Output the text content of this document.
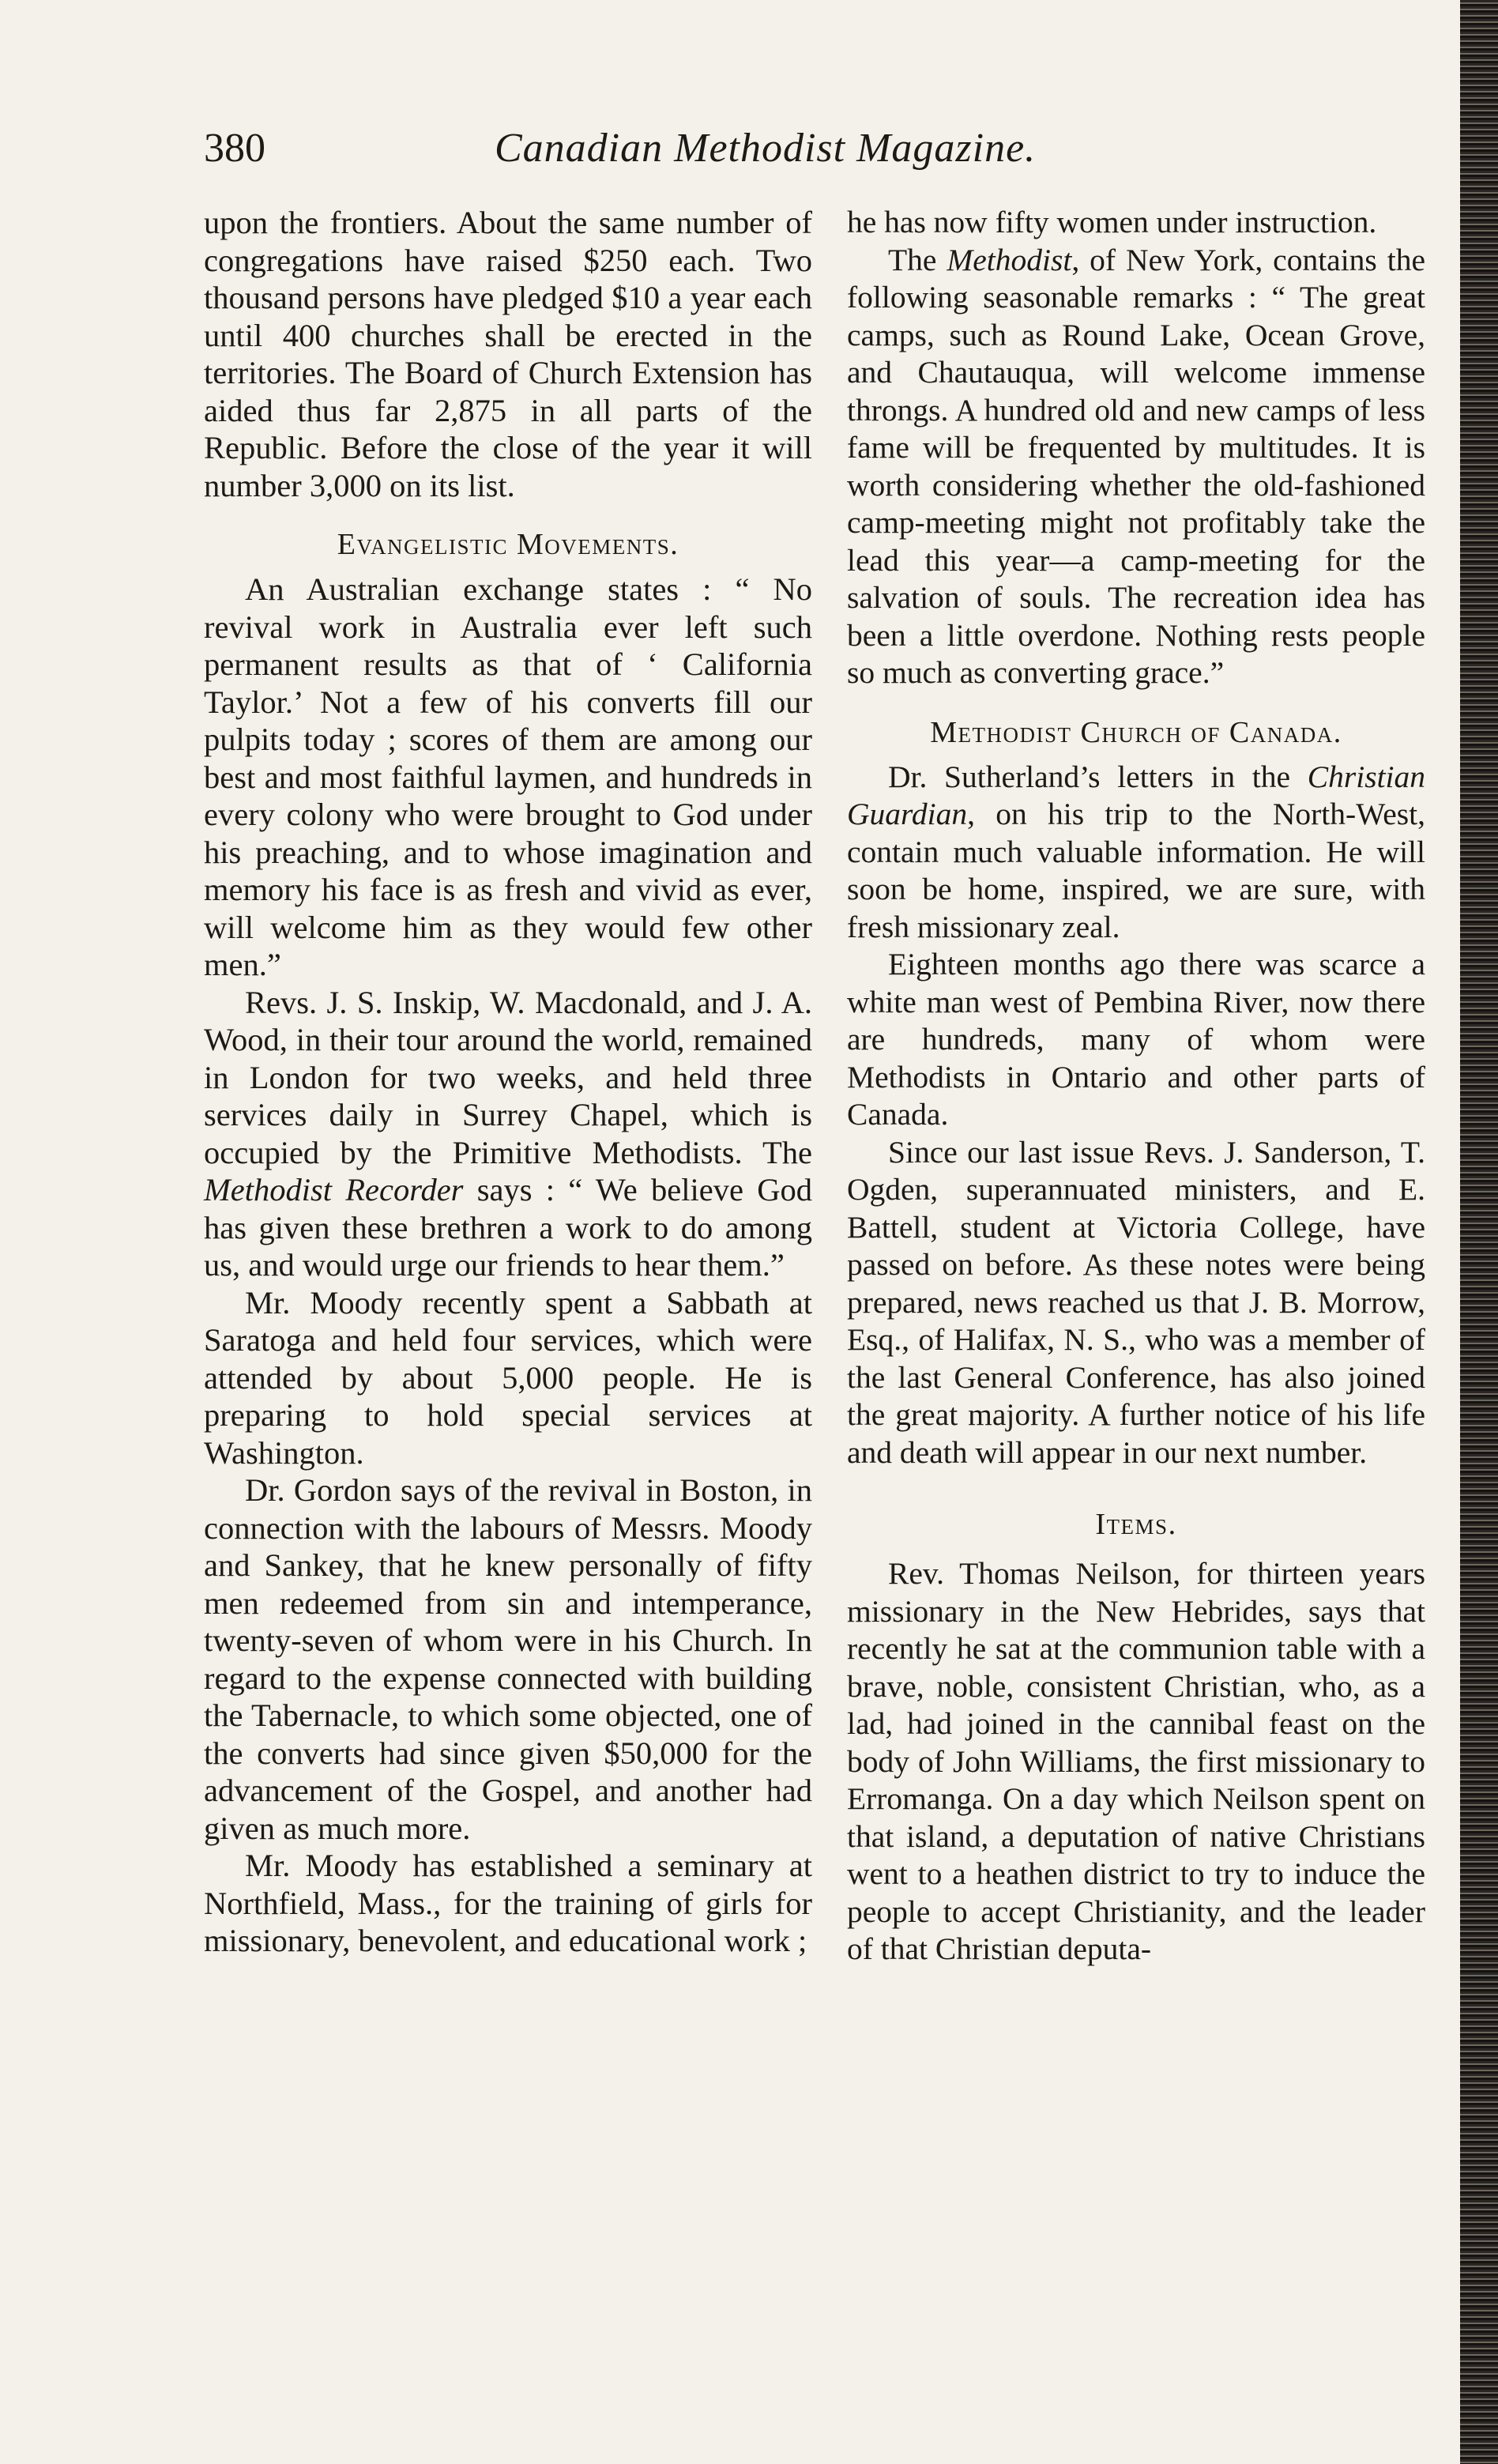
380	Canadian Methodist Magazine.

upon the frontiers. About the same number of congregations have raised $250 each. Two thousand persons have pledged $10 a year each until 400 churches shall be erected in the territories. The Board of Church Extension has aided thus far 2,875 in all parts of the Republic. Before the close of the year it will number 3,000 on its list.

Evangelistic Movements.

An Australian exchange states : “ No revival work in Australia ever left such permanent results as that of ‘ California Taylor.’ Not a few of his converts fill our pulpits today ; scores of them are among our best and most faithful laymen, and hundreds in every colony who were brought to God under his preaching, and to whose imagination and memory his face is as fresh and vivid as ever, will welcome him as they would few other men.”

Revs. J. S. Inskip, W. Macdonald, and J. A. Wood, in their tour around the world, remained in London for two weeks, and held three services daily in Surrey Chapel, which is occupied by the Primitive Methodists. The Methodist Recorder says : “ We believe God has given these brethren a work to do among us, and would urge our friends to hear them.”

Mr. Moody recently spent a Sabbath at Saratoga and held four services, which were attended by about 5,000 people. He is preparing to hold special services at Washington.

Dr. Gordon says of the revival in Boston, in connection with the labours of Messrs. Moody and Sankey, that he knew personally of fifty men redeemed from sin and intemperance, twenty-seven of whom were in his Church. In regard to the expense connected with building the Tabernacle, to which some objected, one of the converts had since given $50,000 for the advancement of the Gospel, and another had given as much more.

Mr. Moody has established a seminary at Northfield, Mass., for the training of girls for missionary, benevolent, and educational work ;

he has now fifty women under instruction.

The Methodist, of New York, contains the following seasonable remarks : “ The great camps, such as Round Lake, Ocean Grove, and Chautauqua, will welcome immense throngs. A hundred old and new camps of less fame will be frequented by multitudes. It is worth considering whether the old-fashioned camp-meeting might not profitably take the lead this year—a camp-meeting for the salvation of souls. The recreation idea has been a little overdone. Nothing rests people so much as converting grace.”

Methodist Church of Canada.

Dr. Sutherland’s letters in the Christian Guardian, on his trip to the North-West, contain much valuable information. He will soon be home, inspired, we are sure, with fresh missionary zeal.

Eighteen months ago there was scarce a white man west of Pembina River, now there are hundreds, many of whom were Methodists in Ontario and other parts of Canada.

Since our last issue Revs. J. Sanderson, T. Ogden, superannuated ministers, and E. Battell, student at Victoria College, have passed on before. As these notes were being prepared, news reached us that J. B. Morrow, Esq., of Halifax, N. S., who was a member of the last General Conference, has also joined the great majority. A further notice of his life and death will appear in our next number.

Items.

Rev. Thomas Neilson, for thirteen years missionary in the New Hebrides, says that recently he sat at the communion table with a brave, noble, consistent Christian, who, as a lad, had joined in the cannibal feast on the body of John Williams, the first missionary to Erromanga. On a day which Neilson spent on that island, a deputation of native Christians went to a heathen district to try to induce the people to accept Christianity, and the leader of that Christian deputa-
